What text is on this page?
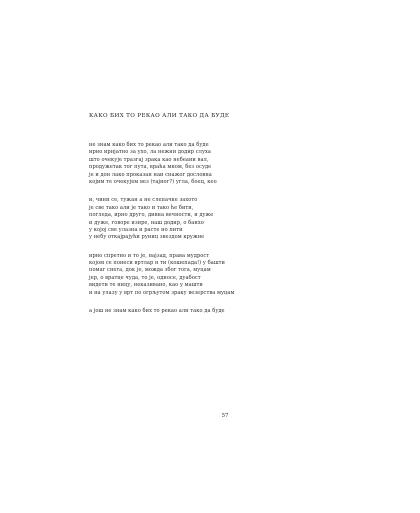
КАКО БИХ ТО РЕКАО АЛИ ТАКО ДА БУДЕ
не знам како бих то рекао али тако да буде
ирно ирнјатно за ухо, ла нежни додир слуха
што очекује тразгај зрака као небеани вал,
продужетак тог пута, враћа мном, без осуде
је и дон лако проказан наи снажог дословна
којим те очекујем вез (тајног?) угла, боец, кео
и, чини се, тужан а не слепачке захото
је све тако али је тако и тако ће бити,
погледа, ирно друго, дивна вечности, и дуже
и дуже, говоре изнре, наш додир, о банхо
у којој све улазна и расте но пити
у небу откајрајући руниц звездом кружне
ирно спретно и то је, најзад, права мудрост
којом се понеси вртлар н ти (кошепада!) у башти
помаг снега, док је, можда због тога, муцам
јер, о вратце чуда, то је, односе, дуабост
видети те ницу, неказивано, као у машти
и на улазу у врт по огрљутом зраку везерства муцам
а још не знам како бих то рекао али тако да буде
57
